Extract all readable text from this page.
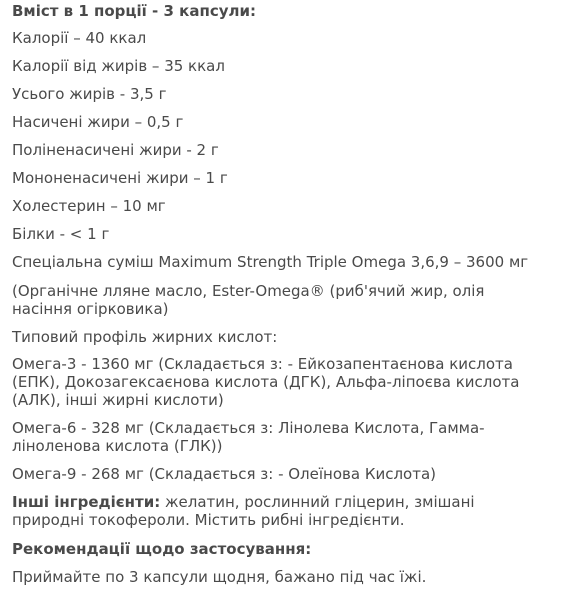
Вміст в 1 порції - 3 капсули:
Калорії – 40 ккал
Калорії від жирів – 35 ккал
Усього жирів - 3,5 г
Насичені жири – 0,5 г
Поліненасичені жири - 2 г
Мононенасичені жири – 1 г
Холестерин – 10 мг
Білки - < 1 г
Спеціальна суміш Maximum Strength Triple Omega 3,6,9 – 3600 мг
(Органічне лляне масло, Ester-Omega® (риб'ячий жир, олія насіння огірковика)
Типовий профіль жирних кислот:
Омега-3 - 1360 мг (Складається з: - Ейкозапентаєнова кислота (ЕПК), Докозагексаєнова кислота (ДГК), Альфа-ліпоєва кислота (АЛК), інші жирні кислоти)
Омега-6 - 328 мг (Складається з: Лінолева Кислота, Гамма-ліноленова кислота (ГЛК))
Омега-9 - 268 мг (Складається з: - Олеїнова Кислота)
Інші інгредієнти: желатин, рослинний гліцерин, змішані природні токофероли. Містить рибні інгредієнти.
Рекомендації щодо застосування:
Приймайте по 3 капсули щодня, бажано під час їжі.
